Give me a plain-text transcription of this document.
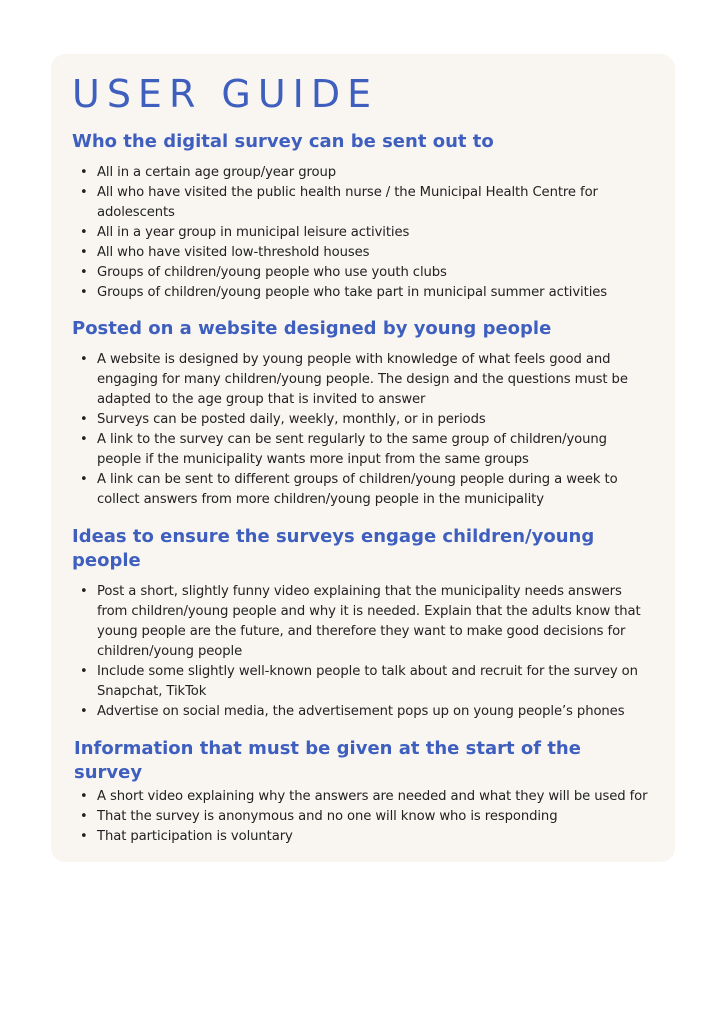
USER GUIDE
Who the digital survey can be sent out to
• All in a certain age group/year group
• All who have visited the public health nurse / the Municipal Health Centre for adolescents
• All in a year group in municipal leisure activities
• All who have visited low-threshold houses
• Groups of children/young people who use youth clubs
• Groups of children/young people who take part in municipal summer activities
Posted on a website designed by young people
• A website is designed by young people with knowledge of what feels good and engaging for many children/young people. The design and the questions must be adapted to the age group that is invited to answer
• Surveys can be posted daily, weekly, monthly, or in periods
• A link to the survey can be sent regularly to the same group of children/young people if the municipality wants more input from the same groups
• A link can be sent to different groups of children/young people during a week to collect answers from more children/young people in the municipality
Ideas to ensure the surveys engage children/young people
• Post a short, slightly funny video explaining that the municipality needs answers from children/young people and why it is needed. Explain that the adults know that young people are the future, and therefore they want to make good decisions for children/young people
• Include some slightly well-known people to talk about and recruit for the survey on Snapchat, TikTok
• Advertise on social media, the advertisement pops up on young people’s phones
Information that must be given at the start of the survey
• A short video explaining why the answers are needed and what they will be used for
• That the survey is anonymous and no one will know who is responding
• That participation is voluntary
